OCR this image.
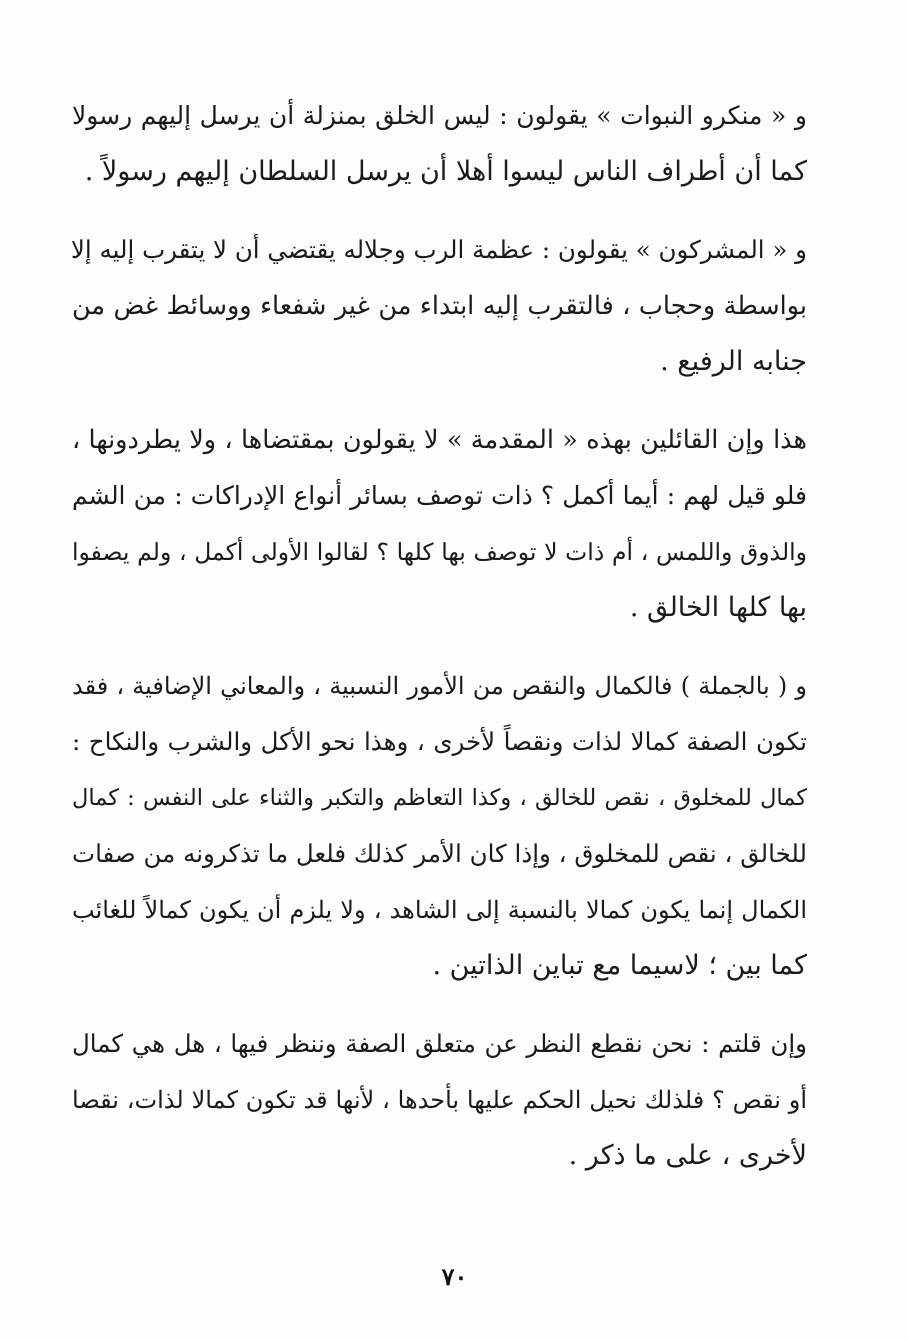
و « منكرو النبوات » يقولون : ليس الخلق بمنزلة أن يرسل إليهم رسولا
كما أن أطراف الناس ليسوا أهلا أن يرسل السلطان إليهم رسولاً .
و « المشركون » يقولون : عظمة الرب وجلاله يقتضي أن لا يتقرب إليه إلا
بواسطة وحجاب ، فالتقرب إليه ابتداء من غير شفعاء ووسائط غض من
جنابه الرفيع .
هذا وإن القائلين بهذه « المقدمة » لا يقولون بمقتضاها ، ولا يطردونها ،
فلو قيل لهم : أيما أكمل ؟ ذات توصف بسائر أنواع الإدراكات : من الشم
والذوق واللمس ، أم ذات لا توصف بها كلها ؟ لقالوا الأولى أكمل ، ولم يصفوا
بها كلها الخالق .
و ( بالجملة ) فالكمال والنقص من الأمور النسبية ، والمعاني الإضافية ، فقد
تكون الصفة كمالا لذات ونقصاً لأخرى ، وهذا نحو الأكل والشرب والنكاح :
كمال للمخلوق ، نقص للخالق ، وكذا التعاظم والتكبر والثناء على النفس : كمال
للخالق ، نقص للمخلوق ، وإذا كان الأمر كذلك فلعل ما تذكرونه من صفات
الكمال إنما يكون كمالا بالنسبة إلى الشاهد ، ولا يلزم أن يكون كمالاً للغائب
كما بين ؛ لاسيما مع تباين الذاتين .
وإن قلتم : نحن نقطع النظر عن متعلق الصفة وننظر فيها ، هل هي كمال
أو نقص ؟ فلذلك نحيل الحكم عليها بأحدها ، لأنها قد تكون كمالا لذات، نقصا
لأخرى ، على ما ذكر .
٧٠
